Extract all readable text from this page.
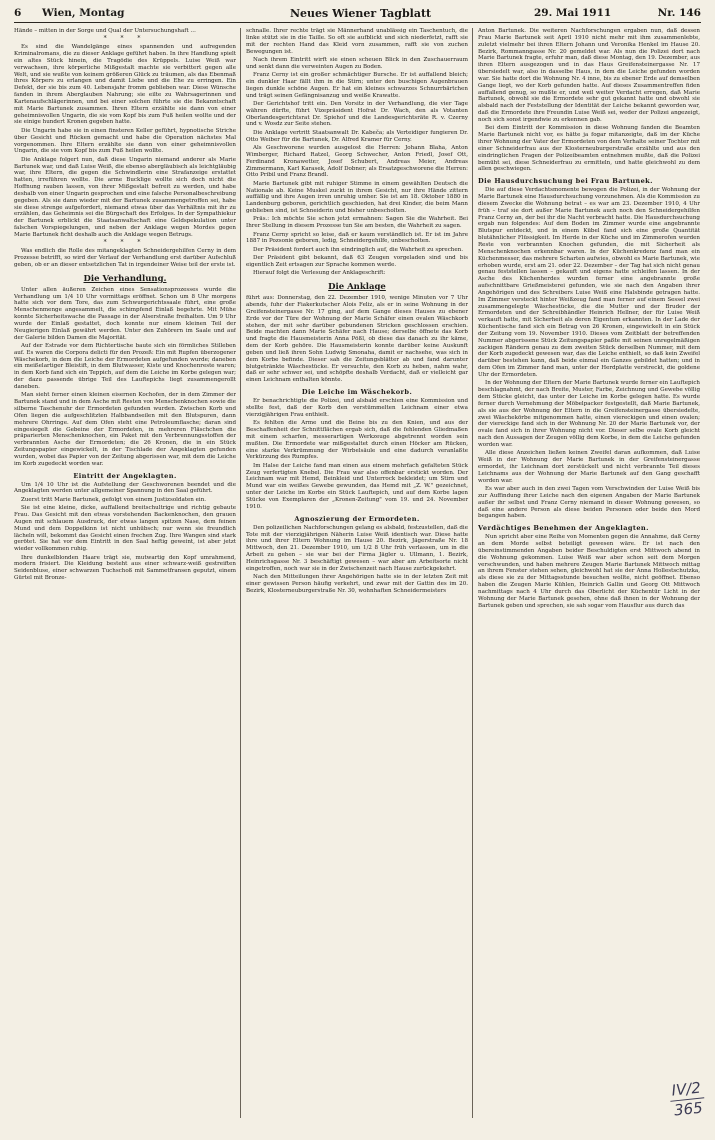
6 Wien, Montag	Neues Wiener Tagblatt	29. Mai 1911	Nr. 146

Hände – mitten in der Sorge und Qual der Untersuchungshaft …

* * *

Es sind die Wandelgänge eines spannenden und aufregenden Kriminalromans, die zu dieser Anklage geführt haben. In ihre Handlung spielt ein altes Stück hinein, die Tragödie des Krüppels. Luise Weiß war verwachsen, ihre körperliche Mißgestalt machte sie verbittert gegen alle Welt, und sie wußte von keinem größeren Glück zu träumen, als das Ebenmaß ihres Körpers zu erlangen und damit Liebe und die Ehe zu erringen. Ein Defekt, der sie bis zum 40. Lebensjahr fromm geblieben war. Diese Wünsche fanden in ihrem Aberglauben Nahrung; sie eilte zu Wahrsagerinnen und Kartenaufschlägerinnen, und bei einer solchen führte sie die Bekanntschaft mit Marie Bartunek zusammen. Ihren Eltern erzählte sie dann von einer geheimnisvollen Ungarin, die sie vom Kopf bis zum Fuß heilen wollte und der sie einige hundert Kronen gegeben hatte.

Die Ungarin habe sie in einen finsteren Keller geführt, hypnotische Striche über Gesicht und Rücken gemacht und habe die Operation nächstes Mal vorgenommen. Ihre Eltern erzählte sie dann von einer geheimnisvollen Ungarin, die sie vom Kopf bis zum Fuß heilen wollte.

Die Anklage folgert nun, daß diese Ungarin niemand anderer als Marie Bartunek war, und daß Luise Weiß, die ebenso abergläubisch als leichtgläubig war, ihre Eltern, die gegen die Schwindlerin eine Strafanzeige erstattet hatten, irreführen wollte. Die arme Bucklige wollte sich doch nicht die Hoffnung rauben lassen, von ihrer Mißgestalt befreit zu werden, und habe deshalb von einer Ungarin gesprochen und eine falsche Personalbeschreibung gegeben. Als sie dann wieder mit der Bartunek zusammengetroffen sei, habe sie diese strenge aufgefordert, niemand etwas über das Verhältnis mit ihr zu erzählen, das Geheimnis sei die Bürgschaft des Erfolges. In der Sympathiekur der Bartunek erblickt die Staatsanwaltschaft eine Geldspekulation unter falschen Vorspiegelungen, und neben der Anklage wegen Mordes gegen Marie Bartunek ficht deshalb auch die Anklage wegen Betrugs.

* * *

Was endlich die Rolle des mitangeklagten Schneidergehilfen Cerny in dem Prozesse betrifft, so wird der Verlauf der Verhandlung erst darüber Aufschluß geben, ob er an dieser entsetzlichen Tat in irgendeiner Weise teil der erste ist.

Die Verhandlung.

Unter allen äußeren Zeichen eines Sensationsprozesses wurde die Verhandlung um 1/4 10 Uhr vormittags eröffnet. Schon um 8 Uhr morgens hatte sich vor dem Tore, das zum Schwurgerichtssaale führt, eine große Menschenmenge angesammelt, die schimpfend Einlaß begehrte. Mit Mühe konnte Sicherheitswache die Passage in der Alserstraße freihalten. Um 9 Uhr wurde der Einlaß gestattet, doch konnte nur einem kleinen Teil der Neugierigen Einlaß gewährt werden. Unter den Zuhörern im Saale und auf der Galerie bilden Damen die Majorität.

Auf der Estrade vor dem Richtertische baute sich ein förmliches Stilleben auf. Es waren die Corpora delicti für den Prozeß: Ein mit Rupfen überzogener Wäschekorb, in dem die Leiche der Ermordeten aufgefunden wurde; daneben ein meißelartiger Bleistift, in dem Blutwasser, Kiste und Knochenreste waren; in dem Korb fand sich ein Teppich, auf dem die Leiche im Korbe gelegen war; der dazu passende übrige Teil des Lauftepichs liegt zusammengerollt daneben.

Man sieht ferner einen kleinen eisernen Kochofen, der in dem Zimmer der Bartunek stand und in dem Asche mit Resten von Menschenknochen sowie die silberne Taschenuhr der Ermordeten gefunden wurden. Zwischen Korb und Ofen liegen die aufgeschlitzten Halbbandseilen mit den Blutspuren, dann mehrere Ohrringe. Auf dem Ofen steht eine Petroleumflasche; daran sind eingesiegelt die Gebeine der Ermordeten, in mehreren Fläschchen die präparierten Menschenknochen, ein Paket mit den Verbrennungsstoffen der verbrannten Asche der Ermordeten; die 26 Kronen, die in ein Stück Zeitungspapier eingewickelt, in der Tischlade der Angeklagten gefunden wurden, wobei das Papier von der Zeitung abgerissen war, mit dem die Leiche im Korb zugedeckt worden war.

Eintritt der Angeklagten.

Um 1/4 10 Uhr ist die Aufstellung der Geschworenen beendet und die Angeklagten werden unter allgemeiner Spannung in den Saal geführt.

Zuerst tritt Marie Bartunek, gefolgt von einem Justizsoldaten ein.

Sie ist eine kleine, dicke, auffallend breitschultrige und richtig gebaute Frau. Das Gesicht mit den etwas vorstehenden Backenknochen, den grauen Augen mit schlauem Ausdruck, der etwas langen spitzen Nase, dem feinen Mund und dem Doppelkinn ist nicht unhübsch; nur wenn sie freundlich lächeln will, bekommt das Gesicht einen frechen Zug. Ihre Wangen sind stark gerötet. Sie hat vor dem Eintritt in den Saal heftig geweint, ist aber jetzt wieder vollkommen ruhig.

Ihre dunkelblonden Haare trägt sie, mutwartig den Kopf umrahmend, modern frisiert. Die Kleidung besteht aus einer schwarz-weiß gestreiften Seidenbluse, einer schwarzen Tuchschoß mit Sammetfransen geputzt, einem Gürtel mit Bronze-

schnalle. Ihrer rechte trägt sie Männerhand unablässig ein Taschentuch, die linke stützt sie in die Taille. So oft sie aufblickt und sich niederfetzt, rafft sie mit der rechten Hand das Kleid vorn zusammen, rafft sie von zuchen Bewegungen ist.

Nach ihrem Eintritt wirft sie einen scheuen Blick in den Zuschauerraum und senkt dann die verweinten Augen zu Boden.

Franz Cerny ist ein großer schmächtiger Bursche. Er ist auffallend bleich; ein dunkler Haar fällt ihm in die Stirn; unter den buschigen Augenbrauen liegen dunkle schöne Augen. Er hat ein kleines schwarzes Schnurrbärtchen und trägt seinen Gefängnisanzug und weiße Krawatte.

Der Gerichtshof tritt ein. Den Vorsitz in der Verhandlung, die vier Tage währen dürfte, führt Vizepräsident Hofrat Dr. Wach, den als Votanten Oberlandesgerichtsrat Dr. Spiehof und die Landesgerichtsräte R. v. Czerny und v. Wosdz zur Seite stehen.

Die Anklage vertritt Staatsanwalt Dr. Kabeča; als Verteidiger fungieren Dr. Otto Weiber für die Bartunek, Dr. Alfred Kramer für Cerny.

Als Geschworene wurden ausgelost die Herren: Johann Blaha, Anton Wimberger, Richard Ratzel, Georg Schwecher, Anton Friedl, Josef Ott, Ferdinand Kronawetter, Josef Schubert, Andreas Meier, Andreas Zimmermann, Karl Karasek, Adolf Dobner; als Ersatzgeschworene die Herren: Otto Pribil und Franz Brandl.

Marie Bartunek gibt mit ruhiger Stimme in einem gewählten Deutsch die Nationale ab. Keine Muskel zuckt in ihrem Gesicht, nur ihre Hände zittern auffällig und ihre Augen irren unruhig umher. Sie ist am 18. Oktober 1880 in Landenburg geboren, gerichtlich geschieden, hat drei Kinder, die beim Mann geblieben sind, ist Schneiderin und bisher unbescholten.

Präs.: Ich möchte Sie schon jetzt ermahnen: Sagen Sie die Wahrheit. Bei Ihrer Stellung in diesem Prozesse tun Sie am besten, die Wahrheit zu sagen.

Franz Cerny spricht so leise, daß er kaum verständlich ist. Er ist im Jahre 1887 in Pozsonie geboren, ledig, Schneidergehilfe, unbescholten.

Der Präsident fordert auch ihn eindringlich auf, die Wahrheit zu sprechen.

Der Präsident gibt bekannt, daß 63 Zeugen vorgeladen sind und bis eigentlich Zeit ertsagen zur Sprache kommen werde.

Hierauf folgt die Verlesung der Anklageschrift:

Die Anklage

führt aus: Donnerstag, den 22. Dezember 1910, wenige Minuten vor 7 Uhr abends, fuhr der Fiakerkutscher Alois Feliz, als er in seine Wohnung in der Greifensteinergasse Nr. 17 ging, auf dem Gange dieses Hauses zu ebener Erde vor der Türe der Wohnung der Marie Schäfer einen ovalen Wäschkorb stehen, der mit sehr darüber gebundenen Stricken geschlossen erschien. Beide machten dann Marie Schäfer nach Hause; derselbe öffnete das Korb und fragte die Hausmeisterin Anna Pößl, ob diese das danach zu ihr käme, dem der Korb gehöre. Die Hausmeisterin konnte darüber keine Auskunft geben und ließ ihren Sohn Ludwig Smonaha, damit er nachsehe, was sich in dem Korbe befinde. Dieser sah die Zeitungsblätter ab und fand darunter blutgetränkte Wäschestücke. Er versuchte, den Korb zu heben, nahm wahr, daß er sehr schwer sei, und schöpfte deshalb Verdacht, daß er vielleicht gar einen Leichnam enthalten könnte.

Die Leiche im Wäschekorb.

Er benachrichtigte die Polizei, und alsbald erschien eine Kommission und stellte fest, daß der Korb den verstümmelten Leichnam einer etwa vierzigjährigen Frau enthielt.

Es fehlten die Arme und die Beine bis zu den Knien, und aus der Beschaffenheit der Schnittflächen ergab sich, daß die fehlenden Gliedmaßen mit einem scharfen, messerartigen Werkzeuge abgetrennt worden sein mußten. Die Ermordete war mißgestaltet durch einen Höcker am Rücken, eine starke Verkrümmung der Wirbelsäule und eine dadurch veranlaßte Verkürzung des Rumpfes.

Im Halse der Leiche fand man einen aus einem mehrfach gefalteten Stück Zeug verfertigten Knebel. Die Frau war also offenbar erstickt worden. Der Leichnam war mit Hemd, Beinkleid und Unterrock bekleidet; um Stirn und Mund war ein weißes Gewebe gewunden, das Hemd mit „Z. W." gezeichnet, unter der Leiche im Korbe ein Stück Lauftepich, und auf dem Korbe lagen Stücke von Exemplaren der „Kronen-Zeitung" vom 19. und 24. November 1910.

Agnoszierung der Ermordeten.

Den polizeilichen Nachforschungen gelang es alsbald, festzustellen, daß die Tote mit der vierzigjährigen Näherin Luise Weiß identisch war. Diese hatte ihre und ihrer Eltern Wohnung im Hause 20. Bezirk, Jägerstraße Nr. 18 Mittwoch, den 21. Dezember 1910, um 1/2 8 Uhr früh verlassen, um in die Arbeit zu gehen – sie war bei der Firma Jägler u. Ullmann, 1. Bezirk, Heinrichsgasse Nr. 3 beschäftigt gewesen – war aber am Arbeitsorte nicht eingetroffen, noch war sie in der Zwischenzeit nach Hause zurückgekehrt.

Nach den Mitteilungen ihrer Angehörigen hatte sie in der letzten Zeit mit einer gewissen Person häufig verkehrt, und zwar mit der Gattin des im 20. Bezirk, Klosterneuburgerstraße Nr. 30, wohnhaften Schneidermeisters

Anton Bartunek. Die weiteren Nachforschungen ergaben nun, daß dessen Frau Marie Bartunek seit April 1910 nicht mehr mit ihm zusammenlebte, zuletzt vielmehr bei ihren Eltern Johann und Veronika Henkel im Hause 20. Bezirk, Rommanngasse Nr. 20 gemeldet war. Als nun die Polizei dort nach Marie Bartunek fragte, erfuhr man, daß diese Montag, den 19. Dezember, aus ihren Eltern ausgezogen und in das Haus Greifensteinergasse Nr. 17 übersiedelt war, also in dasselbe Haus, in dem die Leiche gefunden worden war. Sie hatte dort die Wohnung Nr. 4 inne, bis zu ebener Erde auf demselben Gange liegt, wo der Korb gefunden hatte. Auf dieses Zusammentreffen fiden auffallend genug, so mußte er, und weil weiter Verdacht erregen, daß Marie Bartunek, obwohl sie die Ermordete sehr gut gekannt hatte und obwohl sie alsbald nach der Feststellung der Identität der Leiche bekannt geworden war, daß die Ermordete ihre Freundin Luise Weiß sei, weder der Polizei angezeigt, noch sich sonst irgendwie zu erkennen gab.

Bei dem Eintritt der Kommission in diese Wohnung fanden die Beamten Marie Bartunek nicht vor, es hätte ja fogar mitanzeigte, daß im der Küche ihrer Wohnung der Vater der Ermordeten von dem Verhalte seiner Tochter mit einer Schneiderfrau aus der Klosterneuburgerstraße erzählte und aus den eindringlichen Fragen der Polizeibeamten entnehmen mußte, daß die Polizei bemüht sei, diese Schneiderfrau zu ermitteln, und hatte gleichwohl zu dem allen geschwiegen.

Die Hausdurchsuchung bei Frau Bartunek.

Die auf diese Verdachtsmomente bewogen die Polizei, in der Wohnung der Marie Bartunek eine Hausdurchsuchung vorzunehmen. Als die Kommission zu diesem Zwecke die Wohnung betrat – es war am 23. Dezember 1910, 4 Uhr früh – traf sie dort außer Marie Bartunek auch noch den Schneidergehilfen Franz Cerny an, der bei ihr die Nacht verbracht hatte. Die Hausdurchsuchung ergab nun folgendes: Auf dem Boden im Zimmer wurde eine angebrannte Blutspur entdeckt, und in einem Kübel fand sich eine große Quantität blutähnlicher Flüssigkeit. Im Herde in der Küche und im Zimmerofen wurden Reste von verbrannten Knochen gefunden, die mit Sicherheit als Menschenknochen erkennbar waren. In der Küchenkredenz fand man ein Küchenmesser, das mehrere Scharten aufwies, obwohl es Marie Bartunek, wie erhoben wurde, erst am 21. oder 22. Dezember – der Tag hat sich nicht genau genau feststellen lassen – gekauft und eigens hatte schleifen lassen. In der Asche des Küchenherdes wurden ferner eine angebrannte große aufschnittbare Grießmeisterei gefunden, wie sie nach den Angaben ihrer Angehörigen und des Schreibers Luise Weiß eine Halsbinde getragen hatte. Im Zimmer versteckt hinter Weißzeug fand man ferner auf einem Sessel zwei zusammengelegte Wäschestücke, die die Mutter und der Bruder der Ermordeten und der Schreibhändler Heinrich Hellner, der für Luise Weiß verkauft hatte, mit Sicherheit als deren Eigentum erkannten. In der Lade der Küchentische fand sich ein Betrag von 26 Kronen, eingewickelt in ein Stück der Zeitung vom 19. November 1910. Dieses vom Zeitblatt der betreffenden Nummer abgerissene Stück Zeitungspapier paßte mit seinen unregelmäßigen zackigen Rändern genau zu dem zweiten Stück derselben Nummer, mit dem der Korb zugedeckt gewesen war, das die Leiche enthielt, so daß kein Zweifel darüber bestehen kann, daß beide einmal ein Ganzes gebildet hatten; und in dem Ofen im Zimmer fand man, unter der Herdplatte verstreckt, die goldene Uhr der Ermordeten.

In der Wohnung der Eltern der Marie Bartunek wurde ferner ein Lauftepich beschlagnahmt, der nach Breite, Muster, Farbe, Zeichnung und Gewebe völlig dem Stücke gleicht, das unter der Leiche im Korbe gelegen hatte. Es wurde ferner durch Vernehmung der Möbelpacker festgestellt, daß Marie Bartunek, als sie aus der Wohnung der Eltern in die Greifensteinergasse übersiedelte, zwei Wäschekörbe mitgenommen hatte, einen viereckigen und einen ovalen; der viereckige fand sich in der Wohnung Nr. 20 der Marie Bartunek vor, der ovale fand sich in ihrer Wohnung nicht vor. Dieser selbe ovale Korb gleicht nach den Aussagen der Zeugen völlig dem Korbe, in dem die Leiche gefunden worden war.

Alle diese Anzeichen ließen keinen Zweifel daran aufkommen, daß Luise Weiß in der Wohnung der Marie Bartunek in der Greifensteinergasse ermordet, ihr Leichnam dort zerstückelt und nicht verbrannte Teil dieses Leichnams aus der Wohnung der Marie Bartunek auf den Gang geschafft worden war.

Es war aber auch in den zwei Tagen vom Verschwinden der Luise Weiß bis zur Auffindung ihrer Leiche nach den eigenen Angaben der Marie Bartunek außer ihr selbst und Franz Cerny niemand in dieser Wohnung gewesen, so daß eine andere Person als diese beiden Personen oder beide den Mord begangen haben.

Verdächtiges Benehmen der Angeklagten.

Nun spricht aber eine Reihe von Momenten gegen die Annahme, daß Cerny an dem Morde selbst beteiligt gewesen wäre. Er ist nach den übereinstimmenden Angaben beider Beschuldigten erst Mittwoch abend in die Wohnung gekommen. Luise Weiß war aber schon seit dem Morgen verschwunden, und haben mehrere Zeugen Marie Bartunek Mittwoch mittag an ihrem Fenster stehen sehen, gleichwohl hat sie der Anna Hollestschutzka, als diese sie zu der Mittagsstunde besuchen wollte, nicht geöffnet. Ebenso haben die Zeugen Marie Kühlen, Heinrich Gallin und Georg Ott Mittwoch nachmittags nach 4 Uhr durch das Oberlicht der Küchentür Licht in der Wohnung der Marie Bartunek gesehen, ohne daß ihnen in der Wohnung der Bartunek geben und sprechen, sie sah sogar vom Hausflur aus durch das

IV/2
365
